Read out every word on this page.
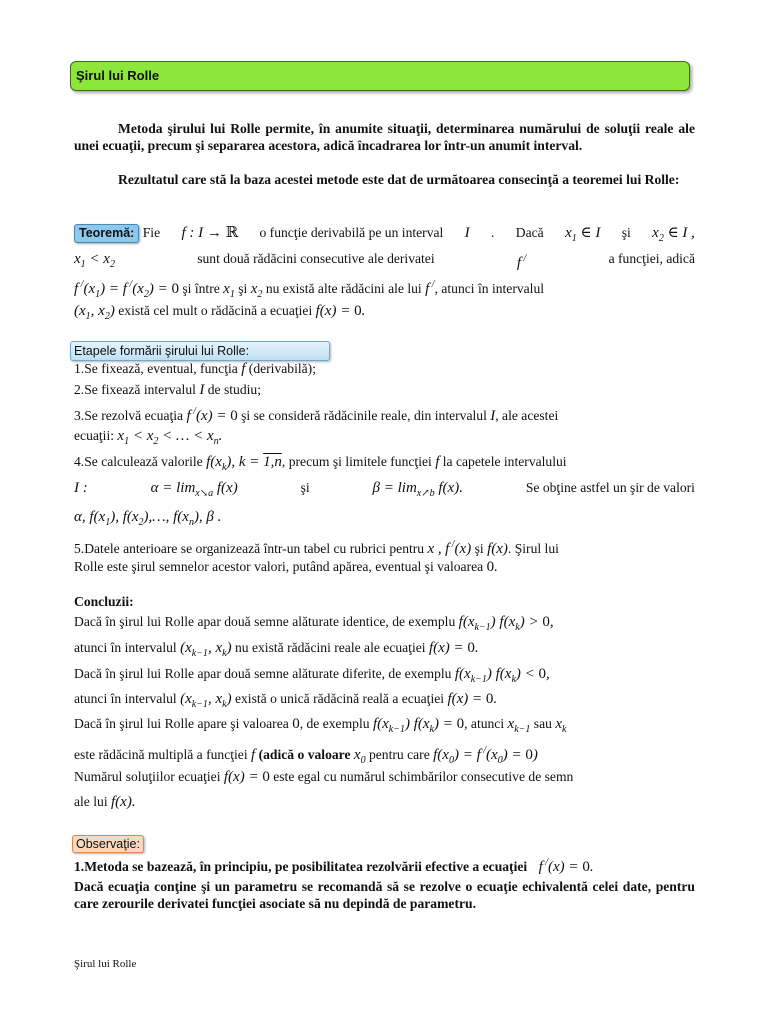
Şirul lui Rolle
Metoda şirului lui Rolle permite, în anumite situaţii, determinarea numărului de soluţii reale ale unei ecuaţii, precum şi separarea acestora, adică încadrarea lor într-un anumit interval.
Rezultatul care stă la baza acestei metode este dat de următoarea consecinţă a teoremei lui Rolle:
Teoremă: Fie f : I → ℝ o funcţie derivabilă pe un interval I . Dacă $x_1$ ∈ I şi $x_2$ ∈ I ,
$x_1 < x_2$	sunt două rădăcini consecutive ale derivatei	f /	a funcţiei, adică
f $^/(x_1) = f$ $^/(x_2) = 0$ şi între $x_1$ şi $x_2$ nu există alte rădăcini ale lui f /, atunci în intervalul
($x_1$, $x_2$) există cel mult o rădăcină a ecuaţiei f(x) = 0.
Etapele formării şirului lui Rolle:
1.Se fixează, eventual, funcţia f (derivabilă);
2.Se fixează intervalul I de studiu;
3.Se rezolvă ecuaţia f /(x) = 0 şi se consideră rădăcinile reale, din intervalul I, ale acestei
ecuaţii: $x_1 < x_2$ < … < $x_n$.
4.Se calculează valorile $f(x_k)$, k = 1,n, precum şi limitele funcţiei f la capetele intervalului
I :	$\alpha = \lim_{x↘a} f(x)$	şi	$\beta = \lim_{x↗b} f(x)$.	Se obţine astfel un şir de valori
α, $f(x_1)$, $f(x_2),\dots$, $f(x_n)$, β .
5.Datele anterioare se organizează într-un tabel cu rubrici pentru x , f /(x) şi f(x). Şirul lui
Rolle este şirul semnelor acestor valori, putând apărea, eventual şi valoarea 0.
Concluzii:
Dacă în şirul lui Rolle apar două semne alăturate identice, de exemplu $f(x_{k-1}) f(x_k) > 0$,
atunci în intervalul ($x_{k-1}$, $x_k$) nu există rădăcini reale ale ecuaţiei f(x) = 0.
Dacă în şirul lui Rolle apar două semne alăturate diferite, de exemplu $f(x_{k-1}) f(x_k) < 0$,
atunci în intervalul ($x_{k-1}$, $x_k$) există o unică rădăcină reală a ecuaţiei f(x) = 0.
Dacă în şirul lui Rolle apare şi valoarea 0, de exemplu $f(x_{k-1}) f(x_k) = 0$, atunci $x_{k-1}$ sau $x_k$
este rădăcină multiplă a funcţiei f (adică o valoare $x_0$ pentru care $f(x_0) = f$ $^/(x_0) = 0$)
Numărul soluţiilor ecuaţiei f(x) = 0 este egal cu numărul schimbărilor consecutive de semn
ale lui f(x).
Observaţie:
1.Metoda se bazează, în principiu, pe posibilitatea rezolvării efective a ecuaţiei f /(x) = 0.
Dacă ecuaţia conţine şi un parametru se recomandă să se rezolve o ecuaţie echivalentă celei date, pentru care zerourile derivatei funcţiei asociate să nu depindă de parametru.
Şirul lui Rolle
